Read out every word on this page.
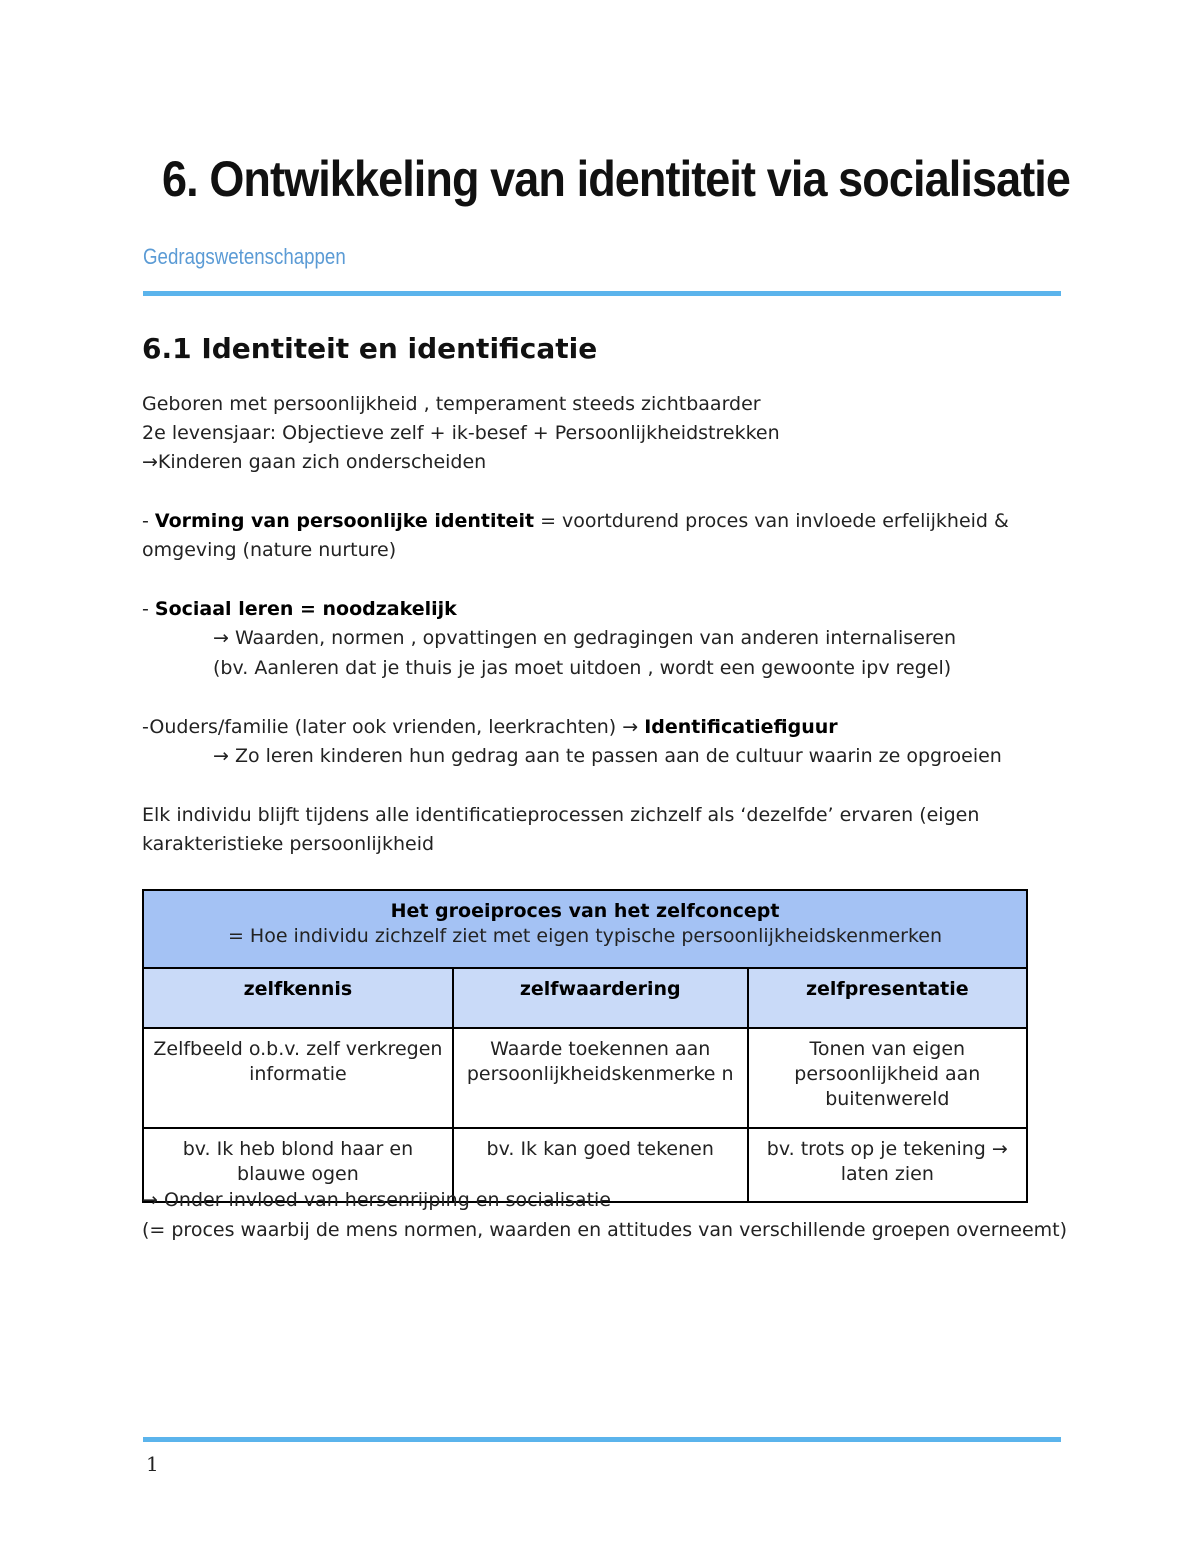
6. Ontwikkeling van identiteit via socialisatie
Gedragswetenschappen
6.1 Identiteit en identificatie
Geboren met persoonlijkheid , temperament steeds zichtbaarder
2e levensjaar: Objectieve zelf + ik-besef + Persoonlijkheidstrekken
→Kinderen gaan zich onderscheiden
- Vorming van persoonlijke identiteit = voortdurend proces van invloede erfelijkheid &
omgeving (nature nurture)
- Sociaal leren = noodzakelijk
→ Waarden, normen , opvattingen en gedragingen van anderen internaliseren
(bv. Aanleren dat je thuis je jas moet uitdoen , wordt een gewoonte ipv regel)
-Ouders/familie (later ook vrienden, leerkrachten) → Identificatiefiguur
→ Zo leren kinderen hun gedrag aan te passen aan de cultuur waarin ze opgroeien
Elk individu blijft tijdens alle identificatieprocessen zichzelf als ‘dezelfde’ ervaren (eigen
karakteristieke persoonlijkheid
Het groeiproces van het zelfconcept
= Hoe individu zichzelf ziet met eigen typische persoonlijkheidskenmerken		

zelfkennis	zelfwaardering	zelfpresentatie
Zelfbeeld o.b.v. zelf verkregen informatie	Waarde toekennen aan persoonlijkheidskenmerke n	Tonen van eigen persoonlijkheid aan buitenwereld
bv. Ik heb blond haar en blauwe ogen	bv. Ik kan goed tekenen	bv. trots op je tekening → laten zien
→ Onder invloed van hersenrijping en socialisatie
(= proces waarbij de mens normen, waarden en attitudes van verschillende groepen overneemt)
1
